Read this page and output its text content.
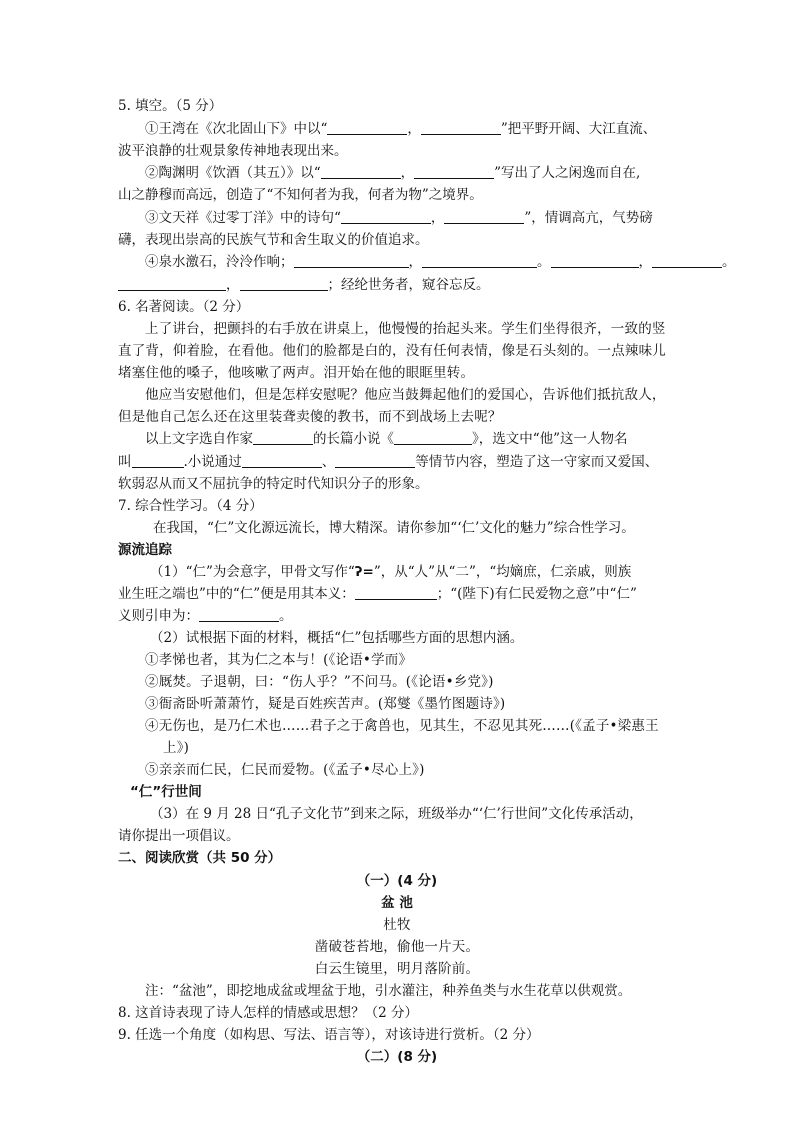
5. 填空。（5 分）
①王湾在《次北固山下》中以“	，	”把平野开阔、大江直流、
波平浪静的壮观景象传神地表现出来。
②陶渊明《饮酒（其五）》以“	，	”写出了人之闲逸而自在,
山之静穆而高远，创造了“不知何者为我，何者为物”之境界。
③文天祥《过零丁洋》中的诗句“	，	”，情调高亢，气势磅
礴，表现出崇高的民族气节和舍生取义的价值追求。
④泉水激石，泠泠作响；	，	。	，	。
，	；经纶世务者，窥谷忘反。
6. 名著阅读。（2 分）
上了讲台，把颤抖的右手放在讲桌上，他慢慢的抬起头来。学生们坐得很齐，一致的竖
直了背，仰着脸，在看他。他们的脸都是白的，没有任何表情，像是石头刻的。一点辣味儿
堵塞住他的嗓子，他咳嗽了两声。泪开始在他的眼眶里转。
他应当安慰他们，但是怎样安慰呢？他应当鼓舞起他们的爱国心，告诉他们抵抗敌人，
但是他自己怎么还在这里装聋卖傻的教书，而不到战场上去呢？
以上文字选自作家	的长篇小说《	》，选文中“他”这一人物名
叫	.小说通过	、	等情节内容，塑造了这一守家而又爱国、
软弱忍从而又不屈抗争的特定时代知识分子的形象。
7. 综合性学习。（4 分）
在我国，“仁”文化源远流长，博大精深。请你参加“‘仁’文化的魅力”综合性学习。
源流追踪
（1）“仁”为会意字，甲骨文写作“ʔ=”，从“人”从“二”，“均嫡庶，仁亲戚，则族
业生旺之端也”中的“仁”便是用其本义：	；“(陛下)有仁民爱物之意”中“仁”
义则引申为：	。
（2）试根据下面的材料，概括“仁”包括哪些方面的思想内涵。
①孝悌也者，其为仁之本与！(《论语•学而》
②厩焚。子退朝，曰：“伤人乎？”不问马。(《论语•乡党》)
③衙斋卧听萧萧竹，疑是百姓疾苦声。(郑燮《墨竹图题诗》)
④无伤也，是乃仁术也……君子之于禽兽也，见其生，不忍见其死……(《孟子•梁惠王
上》)
⑤亲亲而仁民，仁民而爱物。(《孟子•尽心上》)
“仁”行世间
（3）在 9 月 28 日“孔子文化节”到来之际，班级举办“‘仁’行世间”文化传承活动，
请你提出一项倡议。
二、阅读欣赏（共 50 分）
（一）(4 分)
盆 池
杜牧
凿破苍苔地，偷他一片天。
白云生镜里，明月落阶前。
注：“盆池”，即挖地成盆或埋盆于地，引水灌注，种养鱼类与水生花草以供观赏。
8. 这首诗表现了诗人怎样的情感或思想？（2 分）
9. 任选一个角度（如构思、写法、语言等），对该诗进行赏析。（2 分）
（二）(8 分)
